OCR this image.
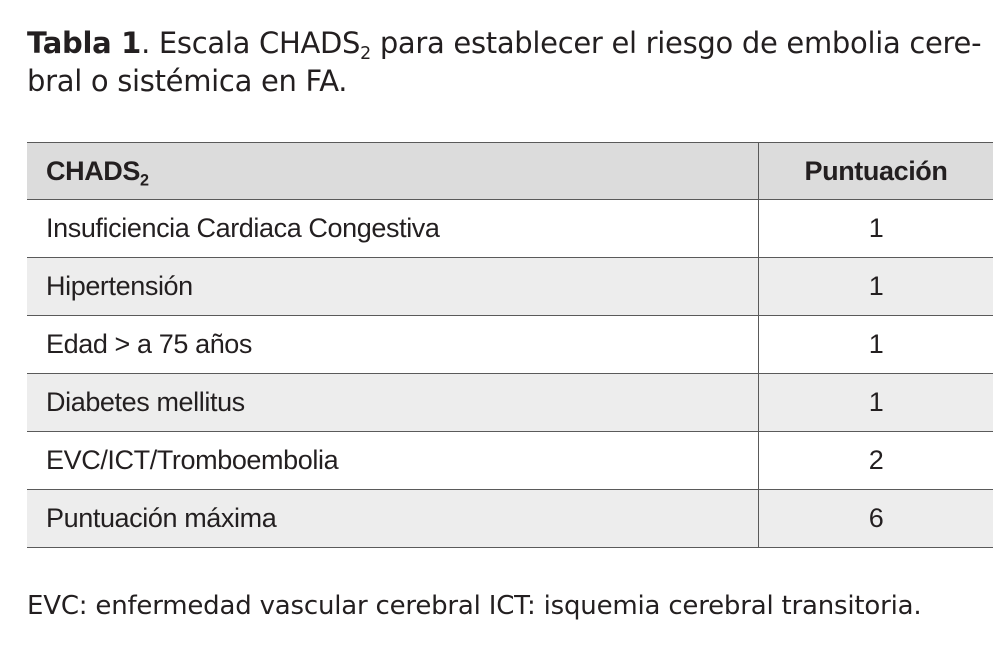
Tabla 1. Escala $CHADS_2$ para establecer el riesgo de embolia cere-bral o sistémica en FA.
$CHADS_2$	Puntuación
Insuficiencia Cardiaca Congestiva	1
Hipertensión	1
Edad > a 75 años	1
Diabetes mellitus	1
EVC/ICT/Tromboembolia	2
Puntuación máxima	6
EVC: enfermedad vascular cerebral ICT: isquemia cerebral transitoria.
